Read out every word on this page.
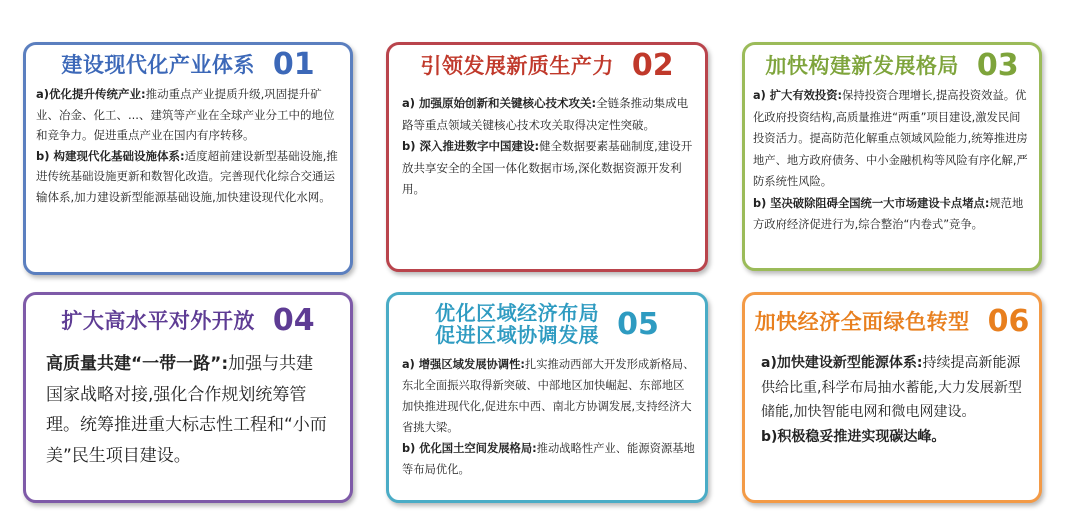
建设现代化产业体系 01

a)优化提升传统产业:推动重点产业提质升级,巩固提升矿业、冶金、化工、...、建筑等产业在全球产业分工中的地位和竞争力。促进重点产业在国内有序转移。

b) 构建现代化基础设施体系:适度超前建设新型基础设施,推进传统基础设施更新和数智化改造。完善现代化综合交通运输体系,加力建设新型能源基础设施,加快建设现代化水网。

引领发展新质生产力 02

a) 加强原始创新和关键核心技术攻关:全链条推动集成电路等重点领域关键核心技术攻关取得决定性突破。

b) 深入推进数字中国建设:健全数据要素基础制度,建设开放共享安全的全国一体化数据市场,深化数据资源开发利用。

加快构建新发展格局 03

a) 扩大有效投资:保持投资合理增长,提高投资效益。优化政府投资结构,高质量推进“两重”项目建设,激发民间投资活力。提高防范化解重点领域风险能力,统筹推进房地产、地方政府债务、中小金融机构等风险有序化解,严防系统性风险。

b) 坚决破除阻碍全国统一大市场建设卡点堵点:规范地方政府经济促进行为,综合整治“内卷式”竞争。

扩大高水平对外开放 04

高质量共建“一带一路”:加强与共建国家战略对接,强化合作规划统筹管理。统筹推进重大标志性工程和“小而美”民生项目建设。

优化区域经济布局
促进区域协调发展 05

a) 增强区域发展协调性:扎实推动西部大开发形成新格局、东北全面振兴取得新突破、中部地区加快崛起、东部地区加快推进现代化,促进东中西、南北方协调发展,支持经济大省挑大梁。

b) 优化国土空间发展格局:推动战略性产业、能源资源基地等布局优化。

加快经济全面绿色转型 06

a)加快建设新型能源体系:持续提高新能源供给比重,科学布局抽水蓄能,大力发展新型储能,加快智能电网和微电网建设。

b)积极稳妥推进实现碳达峰。
